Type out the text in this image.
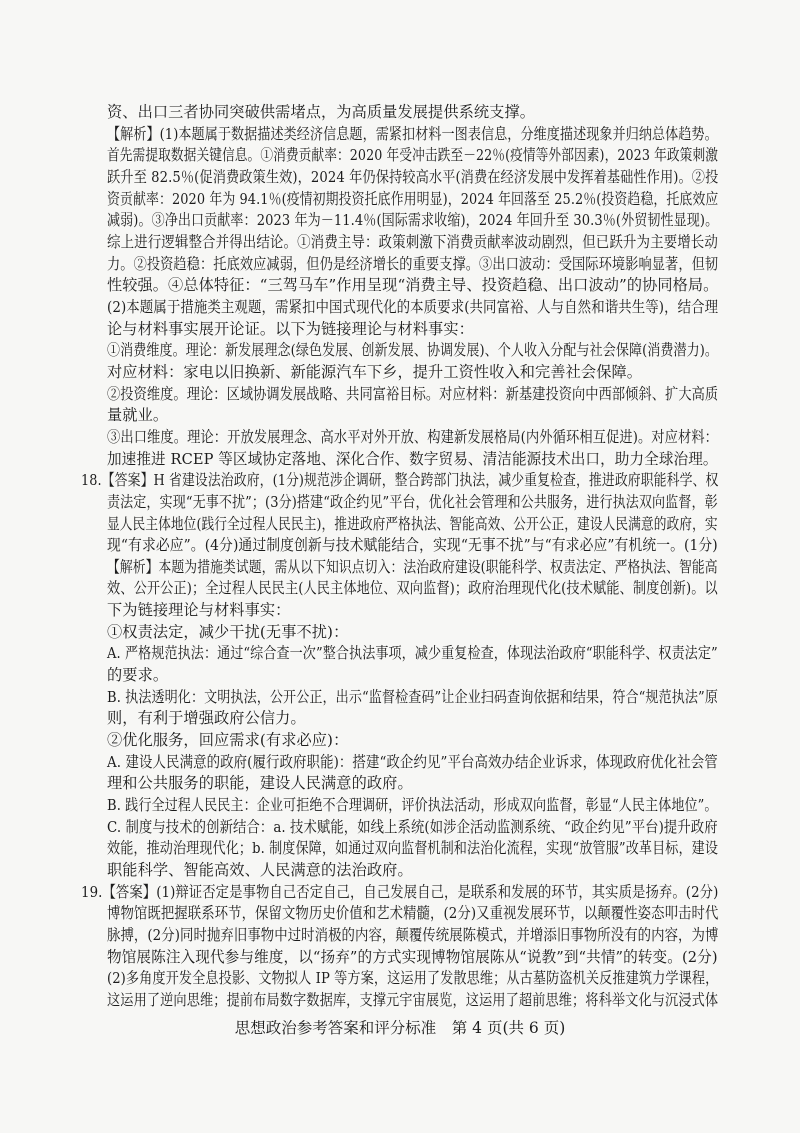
资、出口三者协同突破供需堵点，为高质量发展提供系统支撑。
【解析】(1)本题属于数据描述类经济信息题，需紧扣材料一图表信息，分维度描述现象并归纳总体趋势。
首先需提取数据关键信息。①消费贡献率：2020 年受冲击跌至－22％(疫情等外部因素)，2023 年政策刺激
跃升至 82.5％(促消费政策生效)，2024 年仍保持较高水平(消费在经济发展中发挥着基础性作用)。②投
资贡献率：2020 年为 94.1％(疫情初期投资托底作用明显)，2024 年回落至 25.2％(投资趋稳，托底效应
减弱)。③净出口贡献率：2023 年为－11.4％(国际需求收缩)，2024 年回升至 30.3％(外贸韧性显现)。
综上进行逻辑整合并得出结论。①消费主导：政策刺激下消费贡献率波动剧烈，但已跃升为主要增长动
力。②投资趋稳：托底效应减弱，但仍是经济增长的重要支撑。③出口波动：受国际环境影响显著，但韧
性较强。④总体特征：“三驾马车”作用呈现“消费主导、投资趋稳、出口波动”的协同格局。
(2)本题属于措施类主观题，需紧扣中国式现代化的本质要求(共同富裕、人与自然和谐共生等)，结合理
论与材料事实展开论证。以下为链接理论与材料事实：
①消费维度。理论：新发展理念(绿色发展、创新发展、协调发展)、个人收入分配与社会保障(消费潜力)。
对应材料：家电以旧换新、新能源汽车下乡，提升工资性收入和完善社会保障。
②投资维度。理论：区域协调发展战略、共同富裕目标。对应材料：新基建投资向中西部倾斜、扩大高质
量就业。
③出口维度。理论：开放发展理念、高水平对外开放、构建新发展格局(内外循环相互促进)。对应材料：
加速推进 RCEP 等区域协定落地、深化合作、数字贸易、清洁能源技术出口，助力全球治理。
18.【答案】H 省建设法治政府，(1分)规范涉企调研，整合跨部门执法，减少重复检查，推进政府职能科学、权
责法定，实现“无事不扰”；(3分)搭建“政企约见”平台，优化社会管理和公共服务，进行执法双向监督，彰
显人民主体地位(践行全过程人民民主)，推进政府严格执法、智能高效、公开公正，建设人民满意的政府，实
现“有求必应”。(4分)通过制度创新与技术赋能结合，实现“无事不扰”与“有求必应”有机统一。(1分)
【解析】本题为措施类试题，需从以下知识点切入：法治政府建设(职能科学、权责法定、严格执法、智能高
效、公开公正)；全过程人民民主(人民主体地位、双向监督)；政府治理现代化(技术赋能、制度创新)。以
下为链接理论与材料事实：
①权责法定，减少干扰(无事不扰)：
A. 严格规范执法：通过“综合查一次”整合执法事项，减少重复检查，体现法治政府“职能科学、权责法定”
的要求。
B. 执法透明化：文明执法，公开公正，出示“监督检查码”让企业扫码查询依据和结果，符合“规范执法”原
则，有利于增强政府公信力。
②优化服务，回应需求(有求必应)：
A. 建设人民满意的政府(履行政府职能)：搭建“政企约见”平台高效办结企业诉求，体现政府优化社会管
理和公共服务的职能，建设人民满意的政府。
B. 践行全过程人民民主：企业可拒绝不合理调研，评价执法活动，形成双向监督，彰显“人民主体地位”。
C. 制度与技术的创新结合：a. 技术赋能，如线上系统(如涉企活动监测系统、“政企约见”平台)提升政府
效能，推动治理现代化；b. 制度保障，如通过双向监督机制和法治化流程，实现“放管服”改革目标，建设
职能科学、智能高效、人民满意的法治政府。
19.【答案】(1)辩证否定是事物自己否定自己，自己发展自己，是联系和发展的环节，其实质是扬弃。(2分)
博物馆既把握联系环节，保留文物历史价值和艺术精髓，(2分)又重视发展环节，以颠覆性姿态叩击时代
脉搏，(2分)同时抛弃旧事物中过时消极的内容，颠覆传统展陈模式，并增添旧事物所没有的内容，为博
物馆展陈注入现代参与维度，以“扬弃”的方式实现博物馆展陈从“说教”到“共情”的转变。(2分)
(2)多角度开发全息投影、文物拟人 IP 等方案，这运用了发散思维；从古墓防盗机关反推建筑力学课程，
这运用了逆向思维；提前布局数字数据库，支撑元宇宙展览，这运用了超前思维；将科举文化与沉浸式体
思想政治参考答案和评分标准　第 4 页(共 6 页)
